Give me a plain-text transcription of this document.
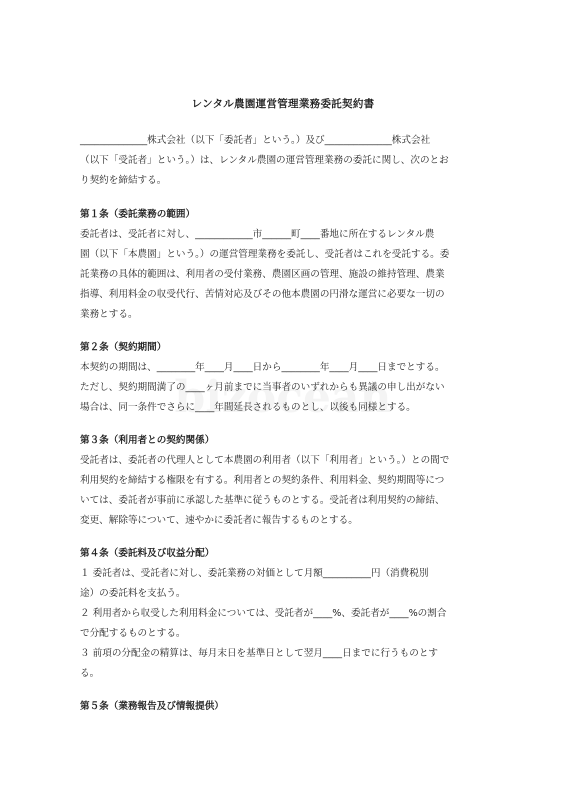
レンタル農園運営管理業務委託契約書
______________株式会社（以下「委託者」という。）及び______________株式会社
（以下「受託者」という。）は、レンタル農園の運営管理業務の委託に関し、次のとお
り契約を締結する。
第１条（委託業務の範囲）
委託者は、受託者に対し、____________市______町____番地に所在するレンタル農
園（以下「本農園」という。）の運営管理業務を委託し、受託者はこれを受託する。委
託業務の具体的範囲は、利用者の受付業務、農園区画の管理、施設の維持管理、農業
指導、利用料金の収受代行、苦情対応及びその他本農園の円滑な運営に必要な一切の
業務とする。
第２条（契約期間）
本契約の期間は、________年____月____日から________年____月____日までとする。
ただし、契約期間満了の____ヶ月前までに当事者のいずれからも異議の申し出がない
場合は、同一条件でさらに____年間延長されるものとし、以後も同様とする。
第３条（利用者との契約関係）
受託者は、委託者の代理人として本農園の利用者（以下「利用者」という。）との間で
利用契約を締結する権限を有する。利用者との契約条件、利用料金、契約期間等につ
いては、委託者が事前に承認した基準に従うものとする。受託者は利用契約の締結、
変更、解除等について、速やかに委託者に報告するものとする。
第４条（委託料及び収益分配）
１ 委託者は、受託者に対し、委託業務の対価として月額__________円（消費税別
途）の委託料を支払う。
２ 利用者から収受した利用料金については、受託者が____%、委託者が____%の割合
で分配するものとする。
３ 前項の分配金の精算は、毎月末日を基準日として翌月____日までに行うものとす
る。
第５条（業務報告及び情報提供）
